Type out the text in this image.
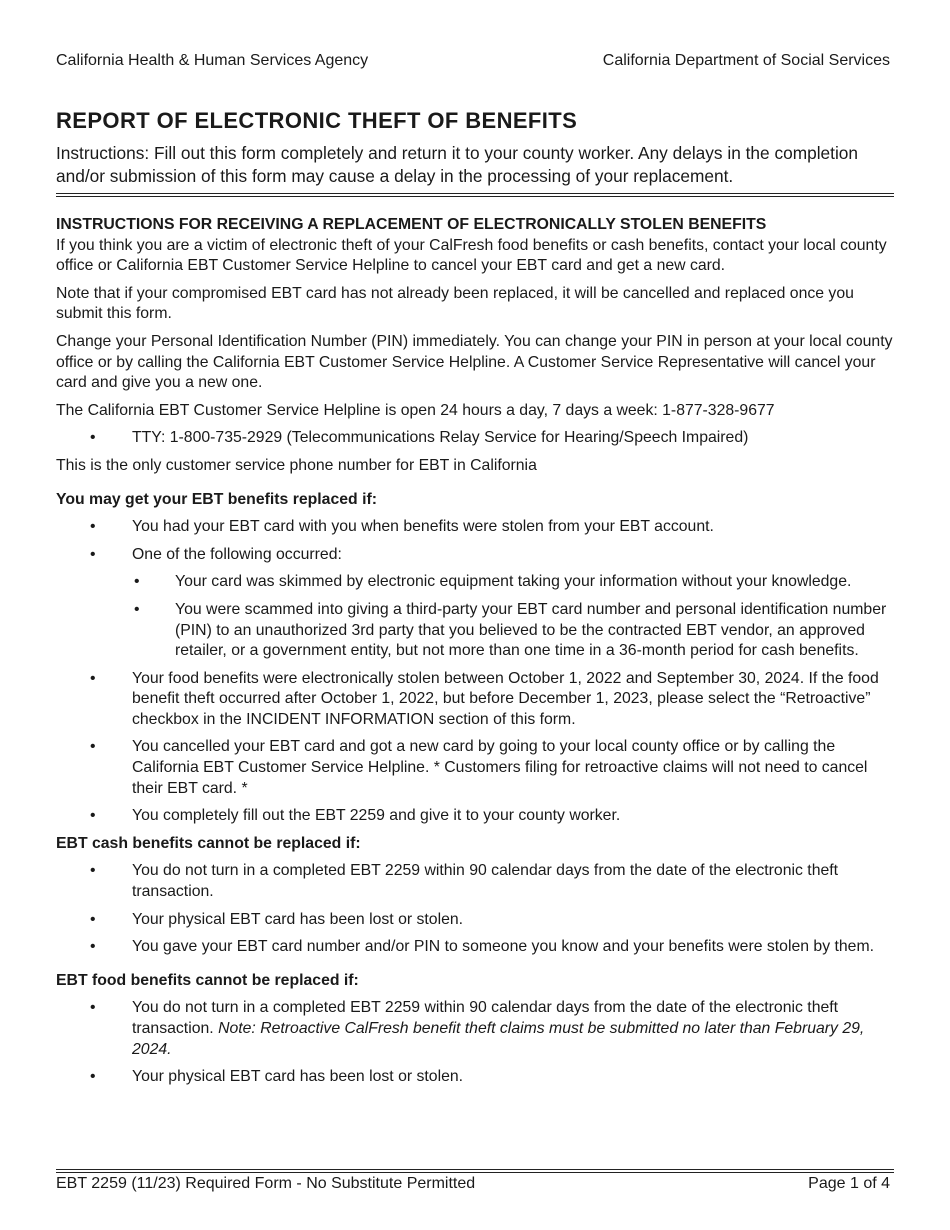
California Health & Human Services Agency	California Department of Social Services
REPORT OF ELECTRONIC THEFT OF BENEFITS
Instructions: Fill out this form completely and return it to your county worker. Any delays in the completion and/or submission of this form may cause a delay in the processing of your replacement.

INSTRUCTIONS FOR RECEIVING A REPLACEMENT OF ELECTRONICALLY STOLEN BENEFITS

If you think you are a victim of electronic theft of your CalFresh food benefits or cash benefits, contact your local county office or California EBT Customer Service Helpline to cancel your EBT card and get a new card.

Note that if your compromised EBT card has not already been replaced, it will be cancelled and replaced once you submit this form.

Change your Personal Identification Number (PIN) immediately. You can change your PIN in person at your local county office or by calling the California EBT Customer Service Helpline. A Customer Service Representative will cancel your card and give you a new one.

The California EBT Customer Service Helpline is open 24 hours a day, 7 days a week: 1-877-328-9677

• TTY: 1-800-735-2929 (Telecommunications Relay Service for Hearing/Speech Impaired)

This is the only customer service phone number for EBT in California

You may get your EBT benefits replaced if:

• You had your EBT card with you when benefits were stolen from your EBT account.
• One of the following occurred:
• Your card was skimmed by electronic equipment taking your information without your knowledge.
• You were scammed into giving a third-party your EBT card number and personal identification number (PIN) to an unauthorized 3rd party that you believed to be the contracted EBT vendor, an approved retailer, or a government entity, but not more than one time in a 36-month period for cash benefits.
• Your food benefits were electronically stolen between October 1, 2022 and September 30, 2024. If the food benefit theft occurred after October 1, 2022, but before December 1, 2023, please select the “Retroactive” checkbox in the INCIDENT INFORMATION section of this form.
• You cancelled your EBT card and got a new card by going to your local county office or by calling the California EBT Customer Service Helpline. * Customers filing for retroactive claims will not need to cancel their EBT card. *
• You completely fill out the EBT 2259 and give it to your county worker.

EBT cash benefits cannot be replaced if:

• You do not turn in a completed EBT 2259 within 90 calendar days from the date of the electronic theft transaction.
• Your physical EBT card has been lost or stolen.
• You gave your EBT card number and/or PIN to someone you know and your benefits were stolen by them.

EBT food benefits cannot be replaced if:

• You do not turn in a completed EBT 2259 within 90 calendar days from the date of the electronic theft transaction. Note: Retroactive CalFresh benefit theft claims must be submitted no later than February 29, 2024.
• Your physical EBT card has been lost or stolen.
EBT 2259 (11/23) Required Form - No Substitute Permitted	Page 1 of 4
